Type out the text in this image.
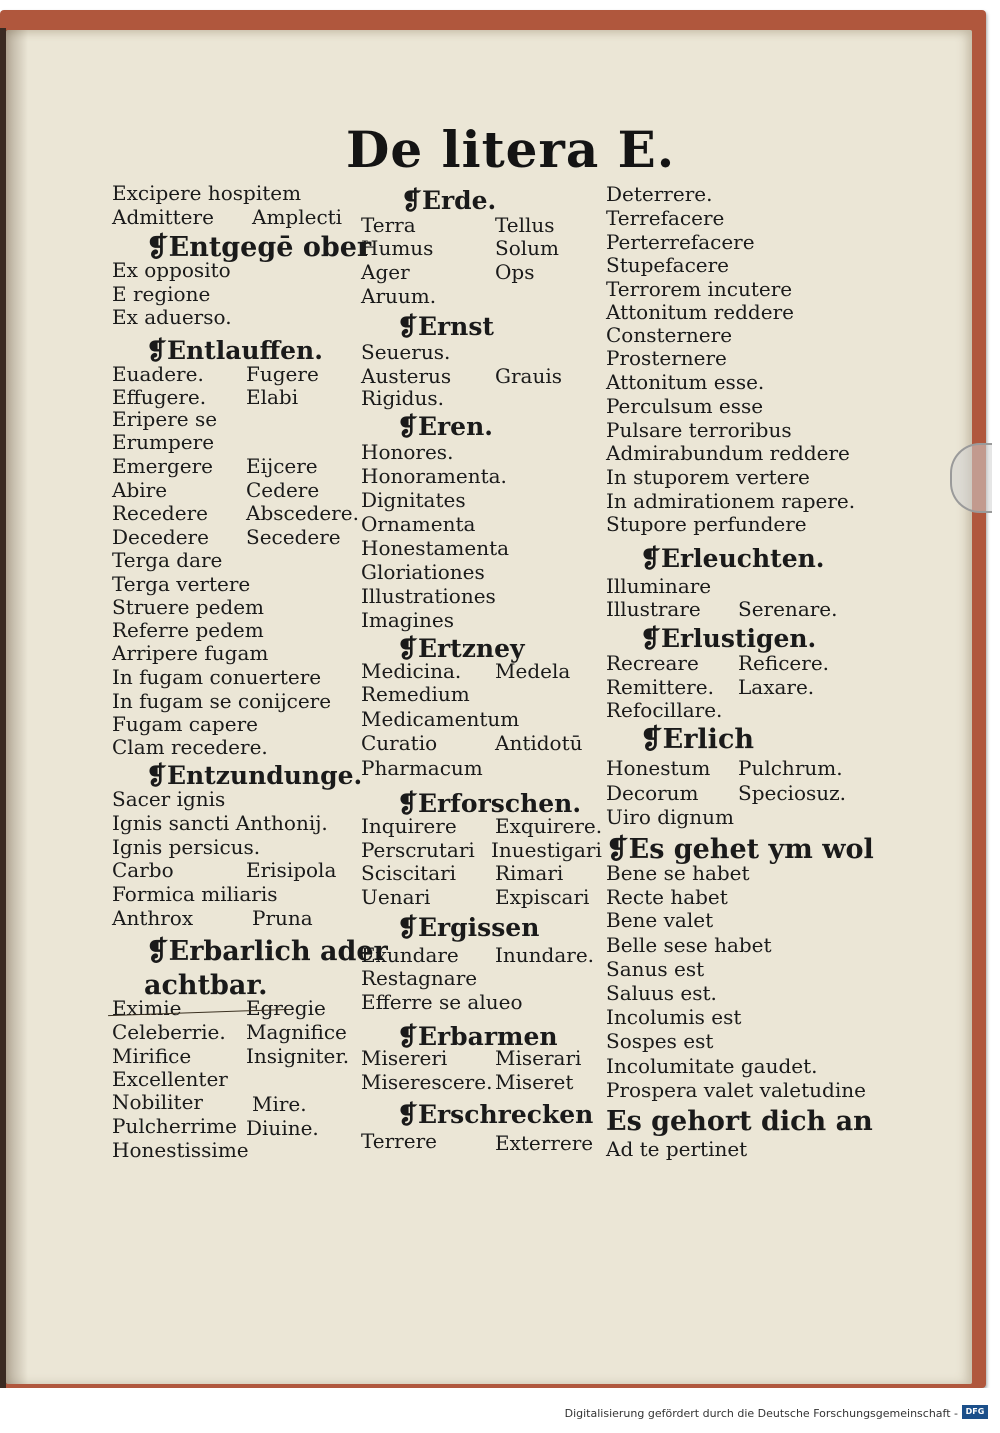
De litera E.
Excipere hospitem
Admittere Amplecti
❡Entgegē ober
Ex opposito
E regione
Ex aduerso.
❡Entlauffen.
Euadere. Fugere
Effugere. Elabi
Eripere se
Erumpere
Emergere Eijcere
Abire	Cedere
Recedere Abscedere.
Decedere Secedere
Terga dare
Terga vertere
Struere pedem
Referre pedem
Arripere fugam
In fugam conuertere
In fugam se conijcere
Fugam capere
Clam recedere.
❡Entzundunge.
Sacer ignis
Ignis sancti Anthonij.
Ignis persicus.
Carbo	Erisipola
Formica miliaris
Anthrox	Pruna
❡Erbarlich ader
achtbar.
Eximie	Egregie
Celeberrie. Magnifice
Mirifice	Insigniter.
Excellenter
Nobiliter Mire.
Pulcherrime Diuine.
Honestissime
❡Erde.
Terra	Tellus
Humus	Solum
Ager	Ops
Aruum.
❡Ernst
Seuerus.
Austerus Grauis
Rigidus.
❡Eren.
Honores.
Honoramenta.
Dignitates
Ornamenta
Honestamenta
Gloriationes
Illustrationes
Imagines
❡Ertzney
Medicina. Medela
Remedium
Medicamentum
Curatio	Antidotū
Pharmacum
❡Erforschen.
Inquirere Exquirere.
Perscrutari Inuestigari
Sciscitari Rimari
Uenari	Expiscari
❡Ergissen
Exundare Inundare.
Restagnare
Efferre se alueo
❡Erbarmen
Misereri Miserari
Miserescere. Miseret
❡Erschrecken
Terrere	Exterrere
Deterrere.
Terrefacere
Perterrefacere
Stupefacere
Terrorem incutere
Attonitum reddere
Consternere
Prosternere
Attonitum esse.
Perculsum esse
Pulsare terroribus
Admirabundum reddere
In stuporem vertere
In admirationem rapere.
Stupore perfundere
❡Erleuchten.
Illuminare
Illustrare Serenare.
❡Erlustigen.
Recreare Reficere.
Remittere. Laxare.
Refocillare.
❡Erlich
Honestum Pulchrum.
Decorum Speciosuz.
Uiro dignum
❡Es gehet ym wol
Bene se habet
Recte habet
Bene valet
Belle sese habet
Sanus est
Saluus est.
Incolumis est
Sospes est
Incolumitate gaudet.
Prospera valet valetudine
Es gehort dich an
Ad te pertinet
Digitalisierung gefördert durch die Deutsche Forschungsgemeinschaft - DFG
